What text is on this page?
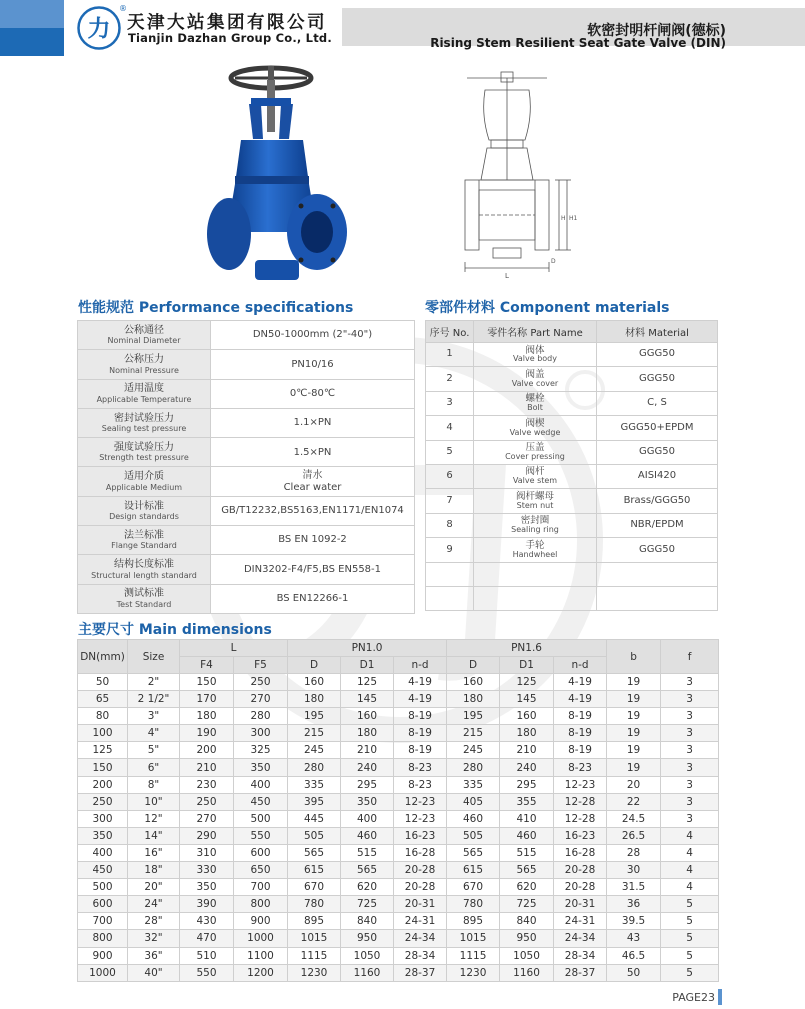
力
®
天津大站集团有限公司
Tianjin Dazhan Group Co., Ltd.	软密封明杆闸阀(德标)
Rising Stem Resilient Seat Gate Valve (DIN)
L
H H1
D
性能规范 Performance specifications	零部件材料 Component materials
主要尺寸 Main dimensions
公称通径
Nominal Diameter	DN50-1000mm (2"-40")

公称压力
Nominal Pressure	PN10/16

适用温度
Applicable Temperature	0℃-80℃

密封试验压力
Sealing test pressure	1.1×PN

强度试验压力
Strength test pressure	1.5×PN

适用介质
Applicable Medium	清水
Clear water

设计标准
Design standards	GB/T12232,BS5163,EN1171/EN1074

法兰标准
Flange Standard	BS EN 1092-2

结构长度标准
Structural length standard	DIN3202-F4/F5,BS EN558-1

测试标准
Test Standard	BS EN12266-1
序号 No.	零件名称 Part Name	材料 Material
1	阀体
Valve body	GGG50
2	阀盖
Valve cover	GGG50
3	螺栓
Bolt	C, S
4	阀楔
Valve wedge	GGG50+EPDM
5	压盖
Cover pressing	GGG50
6	阀杆
Valve stem	AISI420
7	阀杆螺母
Stem nut	Brass/GGG50
8	密封圈
Sealing ring	NBR/EPDM
9	手轮
Handwheel	GGG50

DN(mm)	Size	L		PN1.0			PN1.6			b	f
		F4	F5	D	D1	n-d	D	D1	n-d		
50	2"	150	250	160	125	4-19	160	125	4-19	19	3
65	2 1/2"	170	270	180	145	4-19	180	145	4-19	19	3
80	3"	180	280	195	160	8-19	195	160	8-19	19	3
100	4"	190	300	215	180	8-19	215	180	8-19	19	3
125	5"	200	325	245	210	8-19	245	210	8-19	19	3
150	6"	210	350	280	240	8-23	280	240	8-23	19	3
200	8"	230	400	335	295	8-23	335	295	12-23	20	3
250	10"	250	450	395	350	12-23	405	355	12-28	22	3
300	12"	270	500	445	400	12-23	460	410	12-28	24.5	3
350	14"	290	550	505	460	16-23	505	460	16-23	26.5	4
400	16"	310	600	565	515	16-28	565	515	16-28	28	4
450	18"	330	650	615	565	20-28	615	565	20-28	30	4
500	20"	350	700	670	620	20-28	670	620	20-28	31.5	4
600	24"	390	800	780	725	20-31	780	725	20-31	36	5
700	28"	430	900	895	840	24-31	895	840	24-31	39.5	5
800	32"	470	1000	1015	950	24-34	1015	950	24-34	43	5
900	36"	510	1100	1115	1050	28-34	1115	1050	28-34	46.5	5
1000	40"	550	1200	1230	1160	28-37	1230	1160	28-37	50	5
PAGE23
